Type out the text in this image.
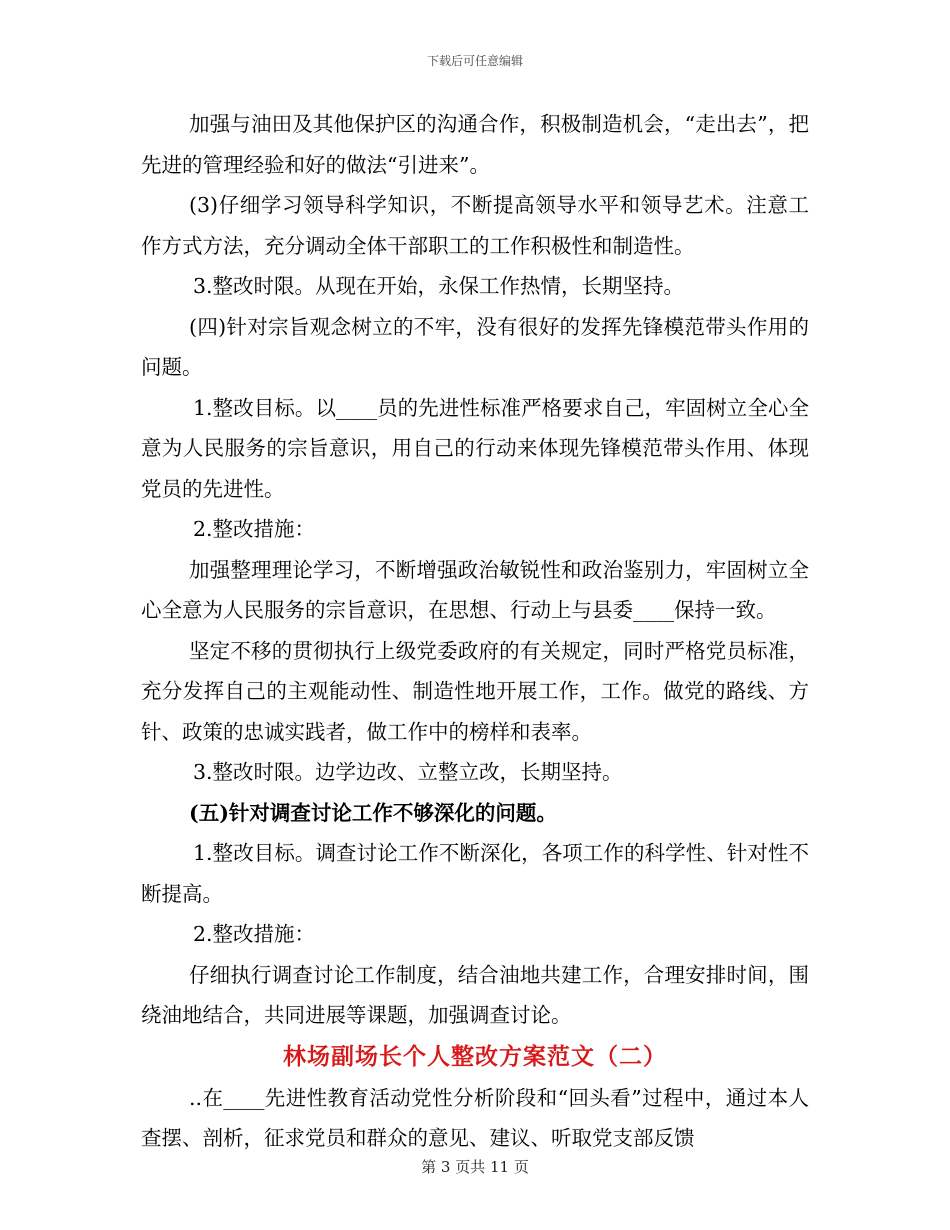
下载后可任意编辑

加强与油田及其他保护区的沟通合作，积极制造机会，“走出去”，把先进的管理经验和好的做法“引进来”。

(3)仔细学习领导科学知识，不断提高领导水平和领导艺术。注意工作方式方法，充分调动全体干部职工的工作积极性和制造性。

3.整改时限。从现在开始，永保工作热情，长期坚持。

(四)针对宗旨观念树立的不牢，没有很好的发挥先锋模范带头作用的问题。

1.整改目标。以____员的先进性标准严格要求自己，牢固树立全心全意为人民服务的宗旨意识，用自己的行动来体现先锋模范带头作用、体现党员的先进性。

2.整改措施：

加强整理理论学习，不断增强政治敏锐性和政治鉴别力，牢固树立全心全意为人民服务的宗旨意识，在思想、行动上与县委____保持一致。

坚定不移的贯彻执行上级党委政府的有关规定，同时严格党员标准，充分发挥自己的主观能动性、制造性地开展工作，工作。做党的路线、方针、政策的忠诚实践者，做工作中的榜样和表率。

3.整改时限。边学边改、立整立改，长期坚持。

(五)针对调查讨论工作不够深化的问题。

1.整改目标。调查讨论工作不断深化，各项工作的科学性、针对性不断提高。

2.整改措施：

仔细执行调查讨论工作制度，结合油地共建工作，合理安排时间，围绕油地结合，共同进展等课题，加强调查讨论。

林场副场长个人整改方案范文（二）

..在____先进性教育活动党性分析阶段和“回头看”过程中，通过本人查摆、剖析，征求党员和群众的意见、建议、听取党支部反馈

第 3 页共 11 页
